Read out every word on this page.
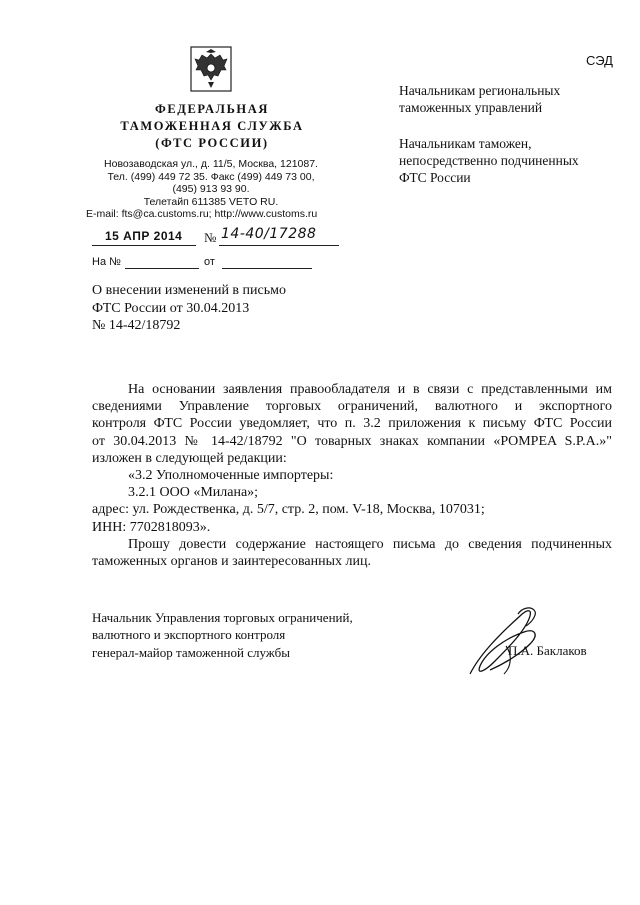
СЭД
ФЕДЕРАЛЬНАЯ
ТАМОЖЕННАЯ СЛУЖБА
(ФТС РОССИИ)
Новозаводская ул., д. 11/5, Москва, 121087.
Тел. (499) 449 72 35. Факс (499) 449 73 00,
(495) 913 93 90.
Телетайп 611385 VETO RU.
E-mail: fts@ca.customs.ru; http://www.customs.ru
15 АПР 2014 № 14-40/17288
На №	от
Начальникам региональных
таможенных управлений
Начальникам таможен,
непосредственно подчиненных
ФТС России
О внесении изменений в письмо
ФТС России от 30.04.2013
№ 14-42/18792
На основании заявления правообладателя и в связи с представленными им
сведениями Управление торговых ограничений, валютного и экспортного
контроля ФТС России уведомляет, что п. 3.2 приложения к письму ФТС России
от 30.04.2013 № 14-42/18792 "О товарных знаках компании «POMPEA S.P.A.»"
изложен в следующей редакции:
«3.2 Уполномоченные импортеры:
3.2.1 ООО «Милана»;
адрес: ул. Рождественка, д. 5/7, стр. 2, пом. V-18, Москва, 107031;
ИНН: 7702818093».
Прошу довести содержание настоящего письма до сведения подчиненных
таможенных органов и заинтересованных лиц.
Начальник Управления торговых ограничений,
валютного и экспортного контроля
генерал-майор таможенной службы	П.А. Баклаков
